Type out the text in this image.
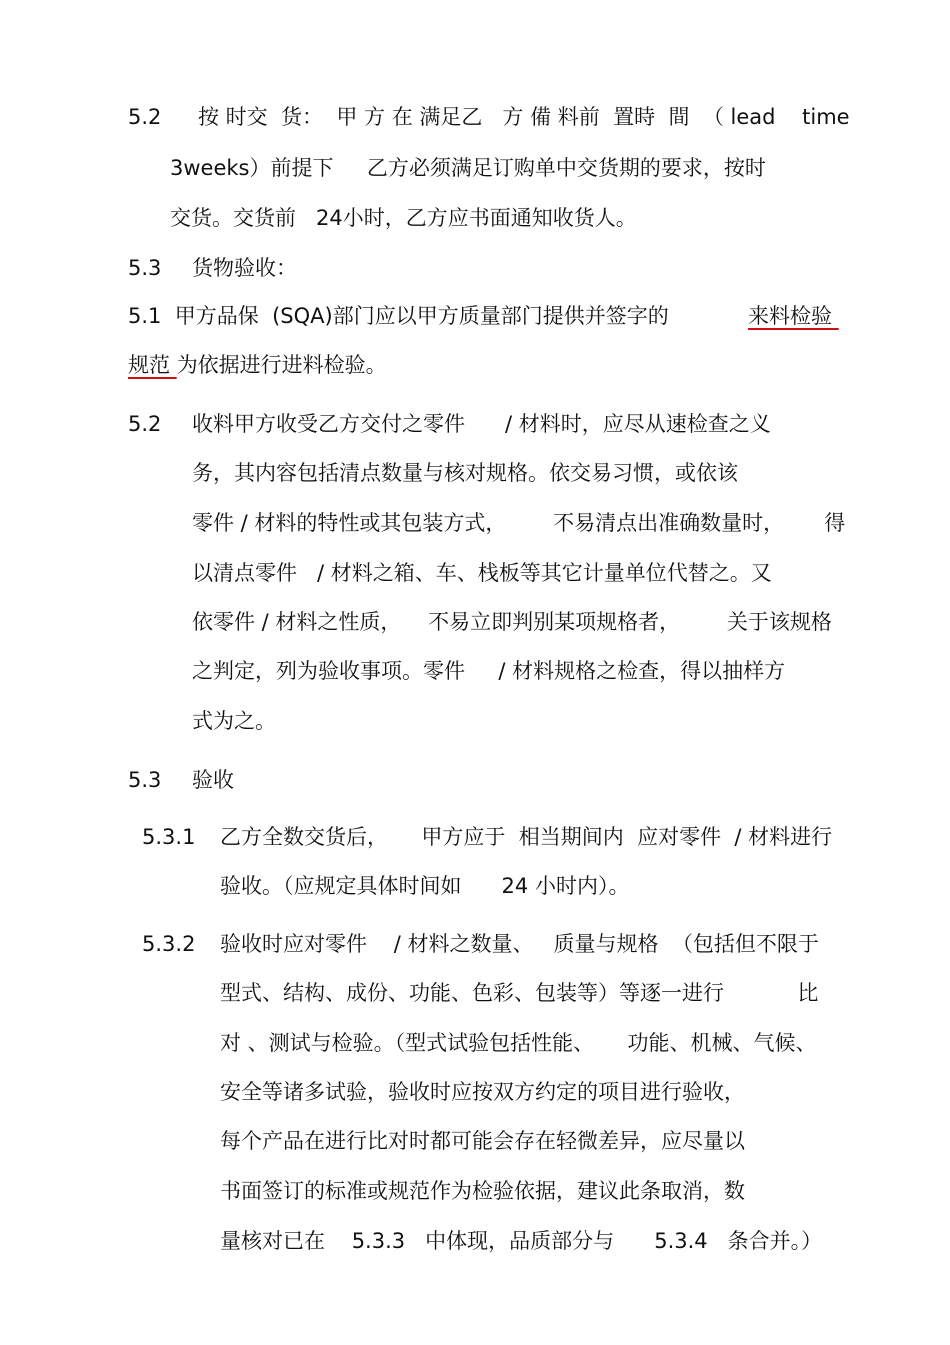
5.2 按 时交  货：  甲 方 在 满足乙   方 備 料前  置時  間  （ lead    time
3weeks）前提下     乙方必须满足订购单中交货期的要求，按时
交货。交货前   24小时，乙方应书面通知收货人。
5.3 货物验收：
5.1  甲方品保  (SQA)部门应以甲方质量部门提供并签字的	来料检验
规范 为依据进行进料检验。
5.2 收料甲方收受乙方交付之零件      / 材料时，应尽从速检查之义
务，其内容包括清点数量与核对规格。依交易习惯，或依该
零件 / 材料的特性或其包装方式，       不易清点出准确数量时，      得
以清点零件   / 材料之箱、车、栈板等其它计量单位代替之。又
依零件 / 材料之性质，    不易立即判别某项规格者，       关于该规格
之判定，列为验收事项。零件     / 材料规格之检查，得以抽样方
式为之。
5.3 验收
5.3.1 乙方全数交货后，     甲方应于  相当期间内  应对零件  / 材料进行
验收。（应规定具体时间如      24 小时内）。
5.3.2 验收时应对零件    / 材料之数量、   质量与规格  （包括但不限于
型式、结构、成份、功能、色彩、包装等）等逐一进行           比
对 、测试与检验。（型式试验包括性能、     功能、机械、气候、
安全等诸多试验，验收时应按双方约定的项目进行验收，
每个产品在进行比对时都可能会存在轻微差异，应尽量以
书面签订的标准或规范作为检验依据，建议此条取消，数
量核对已在    5.3.3   中体现，品质部分与      5.3.4   条合并。）
